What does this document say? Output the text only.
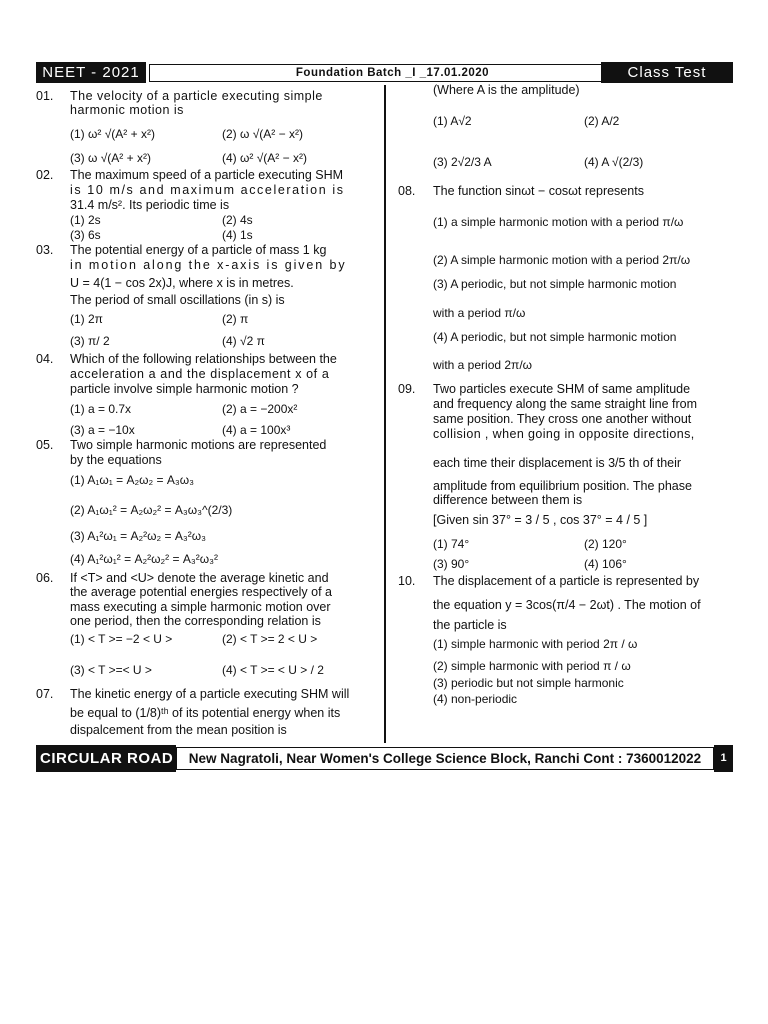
NEET - 2021	Foundation Batch _I _17.01.2020	Class Test
01. The velocity of a particle executing simple
harmonic motion is
(1) ω² √(A² + x²)	(2) ω √(A² − x²)
(3) ω √(A² + x²)	(4) ω² √(A² − x²)
02. The maximum speed of a particle executing SHM
is 10 m/s and maximum acceleration is
31.4 m/s². Its periodic time is
(1) 2s	(2) 4s
(3) 6s	(4) 1s
03. The potential energy of a particle of mass 1 kg
in motion along the x-axis is given by
U = 4(1 − cos 2x)J, where x is in metres.
The period of small oscillations (in s) is
(1) 2π	(2) π
(3) π/ 2	(4) √2 π
04. Which of the following relationships between the
acceleration a and the displacement x of a
particle involve simple harmonic motion ?
(1) a = 0.7x	(2) a = −200x²
(3) a = −10x	(4) a = 100x³
05. Two simple harmonic motions are represented
by the equations
(1) A₁ω₁ = A₂ω₂ = A₃ω₃
(2) A₁ω₁² = A₂ω₂² = A₃ω₃^(2/3)
(3) A₁²ω₁ = A₂²ω₂ = A₃²ω₃
(4) A₁²ω₁² = A₂²ω₂² = A₃²ω₃²
06. If <T> and <U> denote the average kinetic and
the average potential energies respectively of a
mass executing a simple harmonic motion over
one period, then the corresponding relation is
(1) < T >= −2 < U >	(2) < T >= 2 < U >
(3) < T >=< U >	(4) < T >= < U > / 2
07. The kinetic energy of a particle executing SHM will
be equal to (1/8)ᵗʰ of its potential energy when its
dispalcement from the mean position is
(Where A is the amplitude)
(1) A√2	(2) A/2
(3) 2√2/3 A	(4) A √(2/3)
08. The function sinωt − cosωt represents
(1) a simple harmonic motion with a period π/ω
(2) A simple harmonic motion with a period 2π/ω
(3) A periodic, but not simple harmonic motion
with a period π/ω
(4) A periodic, but not simple harmonic motion
with a period 2π/ω
09. Two particles execute SHM of same amplitude
and frequency along the same straight line from
same position. They cross one another without
collision , when going in opposite directions,
each time their displacement is 3/5 th of their
amplitude from equilibrium position. The phase
difference between them is
[Given sin 37° = 3 / 5 , cos 37° = 4 / 5 ]
(1) 74°	(2) 120°
(3) 90°	(4) 106°
10. The displacement of a particle is represented by
the equation y = 3cos(π/4 − 2ωt) . The motion of
the particle is
(1) simple harmonic with period 2π / ω
(2) simple harmonic with period π / ω
(3) periodic but not simple harmonic
(4) non-periodic
CIRCULAR ROAD :
New Nagratoli, Near Women's College Science Block, Ranchi Cont : 7360012022	1
